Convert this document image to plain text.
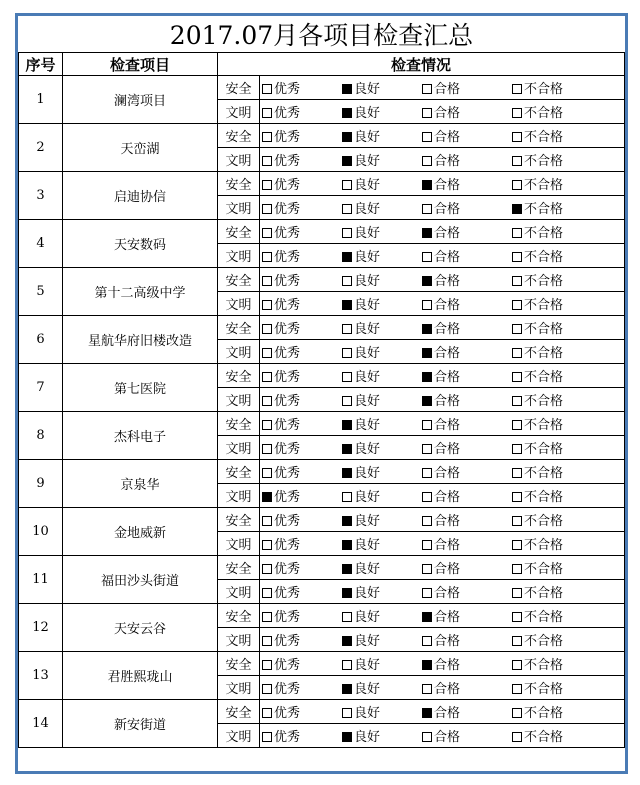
2017.07月各项目检查汇总			
序号	检查项目	检查情况	
1	澜湾项目	安全	优秀 良好 合格 不合格
		文明	优秀 良好 合格 不合格
2	天峦湖	安全	优秀 良好 合格 不合格
		文明	优秀 良好 合格 不合格
3	启迪协信	安全	优秀 良好 合格 不合格
		文明	优秀 良好 合格 不合格
4	天安数码	安全	优秀 良好 合格 不合格
		文明	优秀 良好 合格 不合格
5	第十二高级中学	安全	优秀 良好 合格 不合格
		文明	优秀 良好 合格 不合格
6	星航华府旧楼改造	安全	优秀 良好 合格 不合格
		文明	优秀 良好 合格 不合格
7	第七医院	安全	优秀 良好 合格 不合格
		文明	优秀 良好 合格 不合格
8	杰科电子	安全	优秀 良好 合格 不合格
		文明	优秀 良好 合格 不合格
9	京泉华	安全	优秀 良好 合格 不合格
		文明	优秀 良好 合格 不合格
10	金地威新	安全	优秀 良好 合格 不合格
		文明	优秀 良好 合格 不合格
11	福田沙头街道	安全	优秀 良好 合格 不合格
		文明	优秀 良好 合格 不合格
12	天安云谷	安全	优秀 良好 合格 不合格
		文明	优秀 良好 合格 不合格
13	君胜熙珑山	安全	优秀 良好 合格 不合格
		文明	优秀 良好 合格 不合格
14	新安街道	安全	优秀 良好 合格 不合格
		文明	优秀 良好 合格 不合格
